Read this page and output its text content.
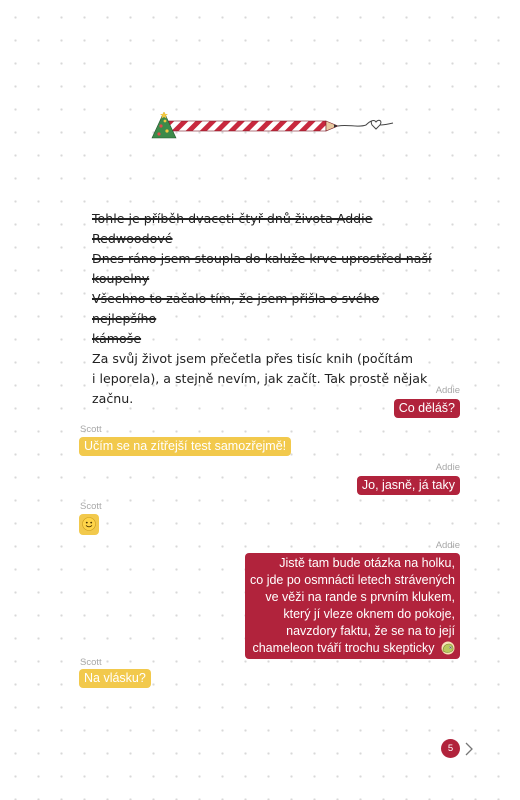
Tohle je příběh dvaceti čtyř dnů života Addie Redwoodové

Dnes ráno jsem stoupla do kaluže krve uprostřed naší

koupelny

Všechno to začalo tím, že jsem přišla o svého nejlepšího

kámoše

Za svůj život jsem přečetla přes tisíc knih (počítám

i leporela), a stejně nevím, jak začít. Tak prostě nějak

začnu.

Addie
Co děláš?
Scott
Učím se na zítřejší test samozřejmě!
Addie
Jo, jasně, já taky
Scott
Addie
Jistě tam bude otázka na holku,
co jde po osmnácti letech strávených
ve věži na rande s prvním klukem,
který jí vleze oknem do pokoje,
navzdory faktu, že se na to její
chameleon tváří trochu skepticky
Scott
Na vlásku?
5
